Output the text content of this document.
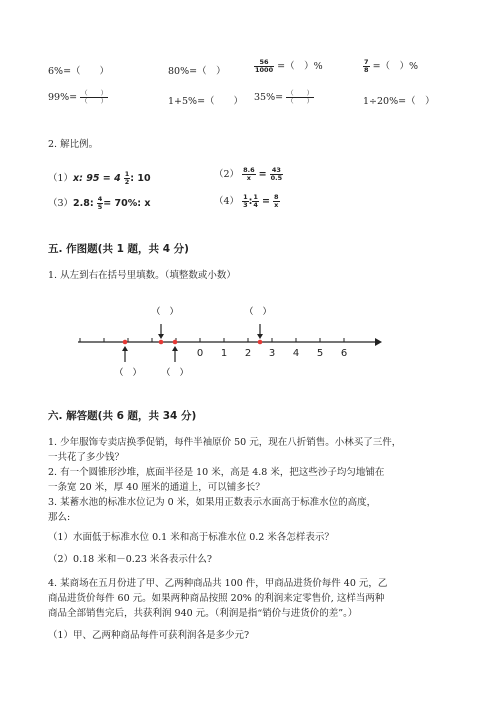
6%=（　　）	80%=（　）	$\frac{56}{1000}$ =（　）%	$\frac{7}{8}$ =（　）%
$99\%= \frac{( )}{( )}$	1+5%=（　　） $35\%= \frac{( )}{( )}$	1÷20%=（　）
2. 解比例。
（1）x: $95 = 4 \frac{1}{2}$ : 10	$(2) \frac{8.6}{x} = \frac{43}{0.5}$
（3）2.8: $\frac{4}{5} = 70\%$: x	$(4) \frac{1}{3}$ : $\frac{1}{4} = \frac{8}{x}$
五. 作图题(共 1 题，共 4 分)
1. 从左到右在括号里填数。（填整数或小数）
0 1 2 3 4 5 6
（　） （　）
（　）	（　）
六. 解答题(共 6 题，共 34 分)
1. 少年服饰专卖店换季促销，每件半袖原价 50 元，现在八折销售。小林买了三件，
一共花了多少钱？
2. 有一个圆锥形沙堆，底面半径是 10 米，高是 4.8 米，把这些沙子均匀地铺在
一条宽 20 米，厚 40 厘米的通道上，可以铺多长？
3. 某蓄水池的标准水位记为 0 米，如果用正数表示水面高于标准水位的高度，
那么:
（1）水面低于标准水位 0.1 米和高于标准水位 0.2 米各怎样表示？
（2）0.18 米和－0.23 米各表示什么?
4. 某商场在五月份进了甲、乙两种商品共 100 件，甲商品进货价每件 40 元，乙
商品进货价每件 60 元。如果两种商品按照 20% 的利润来定零售价, 这样当两种
商品全部销售完后，共获利润 940 元。（利润是指“销价与进货价的差”。）
（1）甲、乙两种商品每件可获利润各是多少元?
